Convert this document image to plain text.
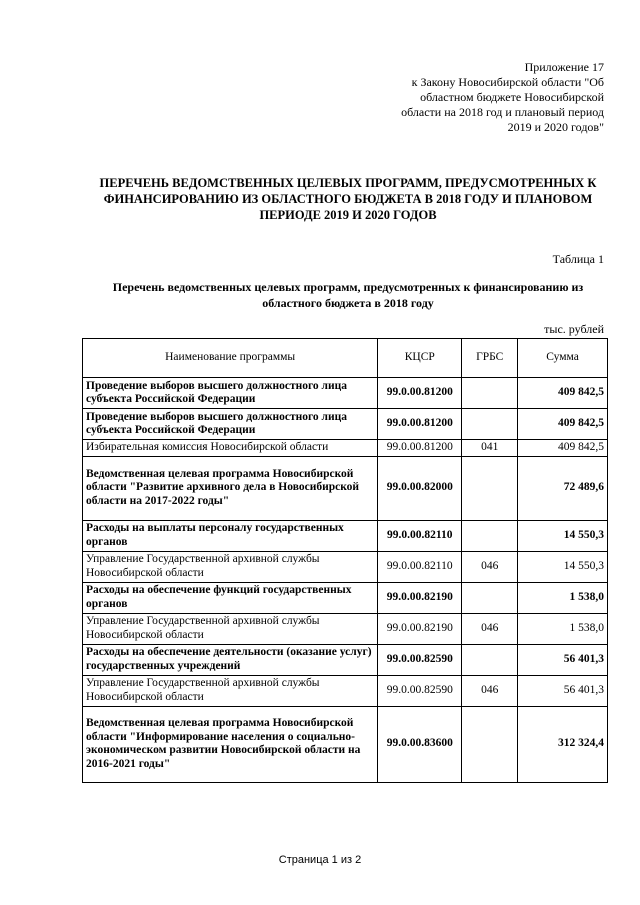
Приложение 17
к Закону Новосибирской области "Об
областном бюджете Новосибирской
области на 2018 год и плановый период
2019 и 2020 годов"
ПЕРЕЧЕНЬ ВЕДОМСТВЕННЫХ ЦЕЛЕВЫХ ПРОГРАММ, ПРЕДУСМОТРЕННЫХ К
ФИНАНСИРОВАНИЮ ИЗ ОБЛАСТНОГО БЮДЖЕТА В 2018 ГОДУ И ПЛАНОВОМ
ПЕРИОДЕ 2019 И 2020 ГОДОВ
Таблица 1
Перечень ведомственных целевых программ, предусмотренных к финансированию из
областного бюджета в 2018 году
тыс. рублей
Наименование программы	КЦСР	ГРБС	Сумма
Проведение выборов высшего должностного лица субъекта Российской Федерации	99.0.00.81200		409 842,5
Проведение выборов высшего должностного лица субъекта Российской Федерации	99.0.00.81200		409 842,5
Избирательная комиссия Новосибирской области	99.0.00.81200	041	409 842,5
Ведомственная целевая программа Новосибирской области "Развитие архивного дела в Новосибирской области на 2017-2022 годы"	99.0.00.82000		72 489,6
Расходы на выплаты персоналу государственных органов	99.0.00.82110		14 550,3
Управление Государственной архивной службы Новосибирской области	99.0.00.82110	046	14 550,3
Расходы на обеспечение функций государственных органов	99.0.00.82190		1 538,0
Управление Государственной архивной службы Новосибирской области	99.0.00.82190	046	1 538,0
Расходы на обеспечение деятельности (оказание услуг) государственных учреждений	99.0.00.82590		56 401,3
Управление Государственной архивной службы Новосибирской области	99.0.00.82590	046	56 401,3
Ведомственная целевая программа Новосибирской области "Информирование населения о социально-экономическом развитии Новосибирской области на 2016-2021 годы"	99.0.00.83600		312 324,4
Страница 1 из 2
